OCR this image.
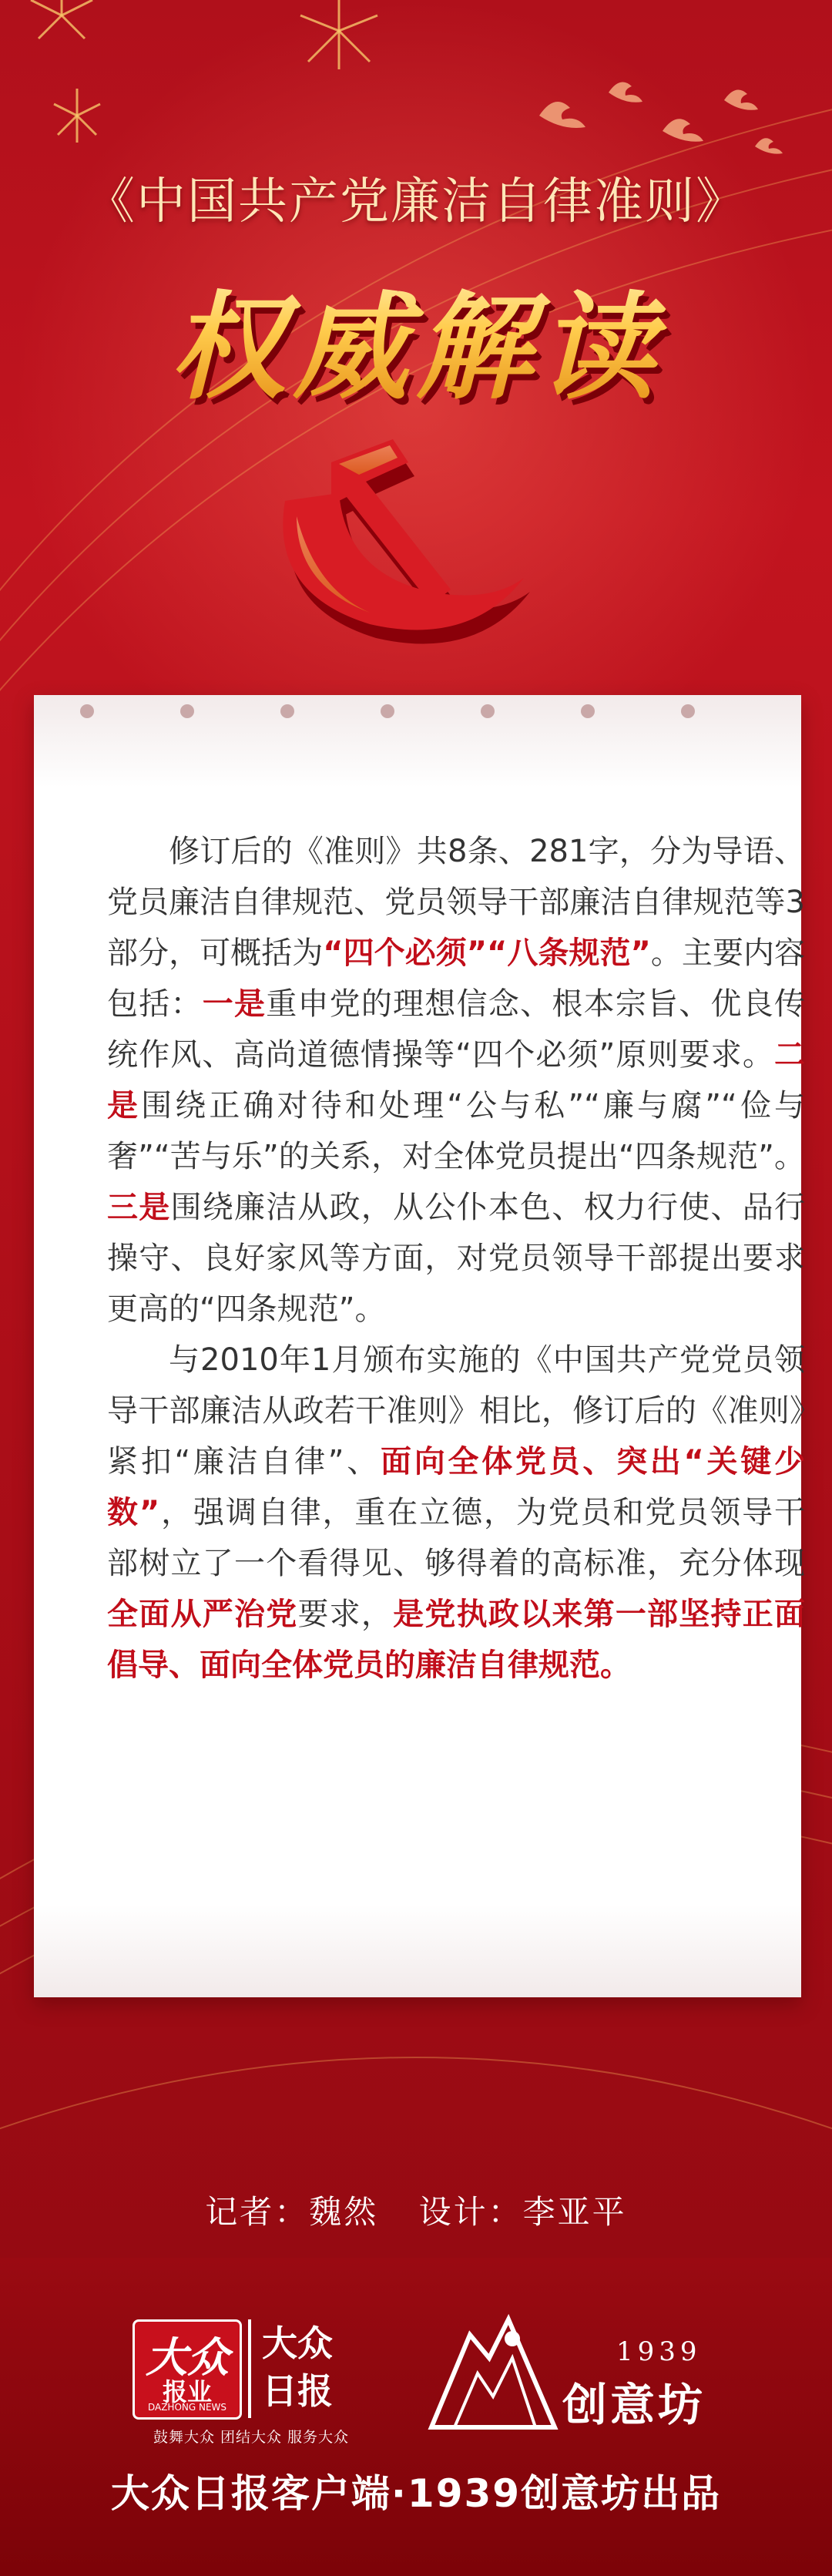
《中国共产党廉洁自律准则》
权威解读

修订后的《准则》共8条、281字，分为导语、党员廉洁自律规范、党员领导干部廉洁自律规范等3部分，可概括为“四个必须”“八条规范”。主要内容包括：一是重申党的理想信念、根本宗旨、优良传统作风、高尚道德情操等“四个必须”原则要求。二是围绕正确对待和处理“公与私”“廉与腐”“俭与奢”“苦与乐”的关系，对全体党员提出“四条规范”。三是围绕廉洁从政，从公仆本色、权力行使、品行操守、良好家风等方面，对党员领导干部提出要求更高的“四条规范”。

与2010年1月颁布实施的《中国共产党党员领导干部廉洁从政若干准则》相比，修订后的《准则》紧扣“廉洁自律”、面向全体党员、突出“关键少数”，强调自律，重在立德，为党员和党员领导干部树立了一个看得见、够得着的高标准，充分体现全面从严治党要求，是党执政以来第一部坚持正面倡导、面向全体党员的廉洁自律规范。

记者：魏然 设计：李亚平
大众
报业
DAZHONG NEWS
大众
日报
鼓舞大众 团结大众 服务大众
1939
创意坊
大众日报客户端·1939创意坊出品
